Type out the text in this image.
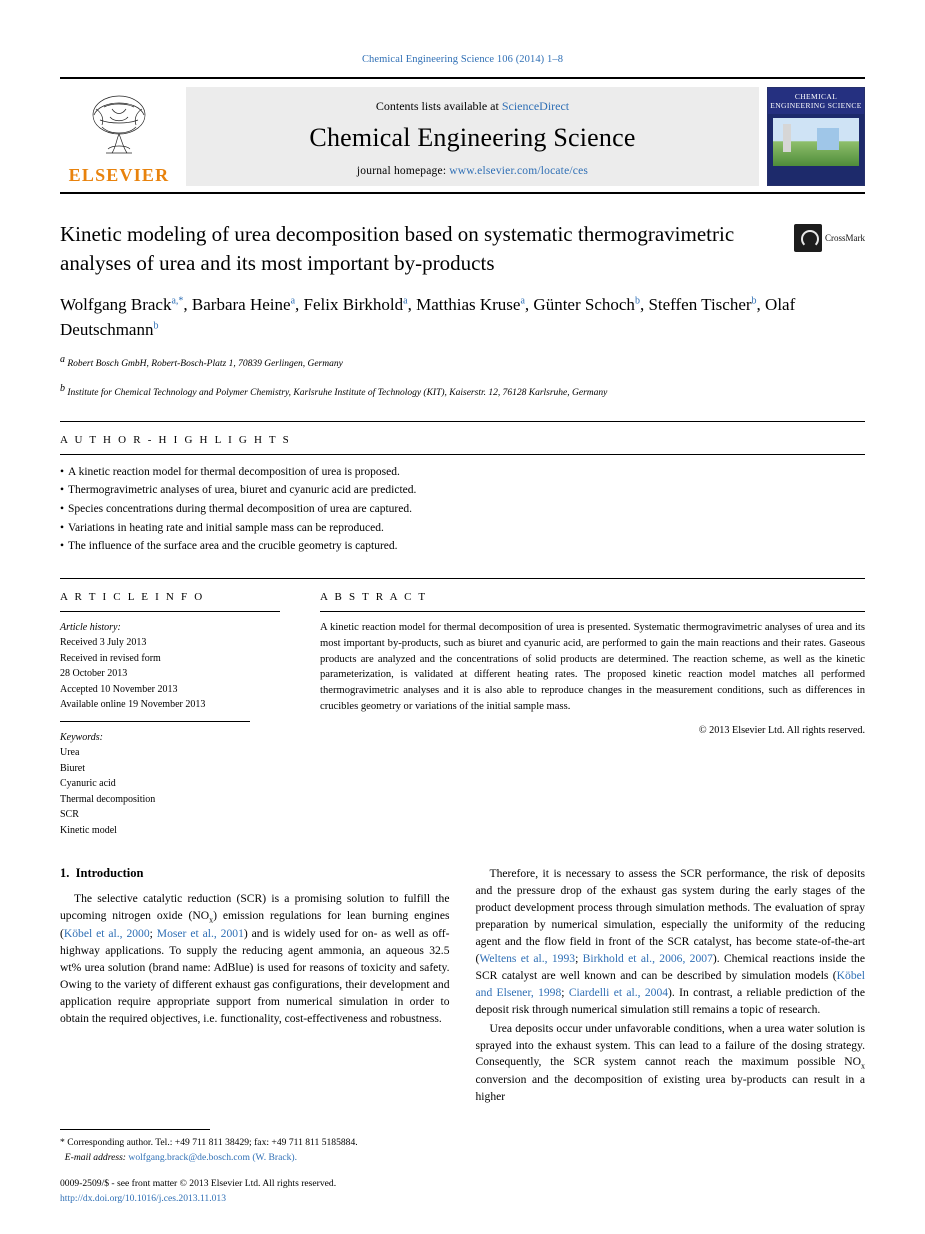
Chemical Engineering Science 106 (2014) 1–8
ELSEVIER
Contents lists available at ScienceDirect
Chemical Engineering Science
journal homepage: www.elsevier.com/locate/ces
CHEMICAL ENGINEERING SCIENCE
CrossMark
Kinetic modeling of urea decomposition based on systematic thermogravimetric analyses of urea and its most important by-products
Wolfgang Brack$^{a,*}$, Barbara Heine$^a$, Felix Birkhold$^a$, Matthias Kruse$^a$, Günter Schoch$^b$, Steffen Tischer$^b$, Olaf Deutschmann$^b$
$^a$ Robert Bosch GmbH, Robert-Bosch-Platz 1, 70839 Gerlingen, Germany
$^b$ Institute for Chemical Technology and Polymer Chemistry, Karlsruhe Institute of Technology (KIT), Kaiserstr. 12, 76128 Karlsruhe, Germany
A U T H O R - H I G H L I G H T S
• A kinetic reaction model for thermal decomposition of urea is proposed.
• Thermogravimetric analyses of urea, biuret and cyanuric acid are predicted.
• Species concentrations during thermal decomposition of urea are captured.
• Variations in heating rate and initial sample mass can be reproduced.
• The influence of the surface area and the crucible geometry is captured.
A R T I C L E I N F O
Article history:
Received 3 July 2013
Received in revised form
28 October 2013
Accepted 10 November 2013
Available online 19 November 2013
Keywords:
Urea
Biuret
Cyanuric acid
Thermal decomposition
SCR
Kinetic model
A B S T R A C T
A kinetic reaction model for thermal decomposition of urea is presented. Systematic thermogravimetric analyses of urea and its most important by-products, such as biuret and cyanuric acid, are performed to gain the main reactions and their rates. Gaseous products are analyzed and the concentrations of solid products are determined. The reaction scheme, as well as the kinetic parameterization, is validated at different heating rates. The proposed kinetic reaction model matches all performed thermogravimetric analyses and it is also able to reproduce changes in the measurement conditions, such as differences in crucibles geometry or variations of the initial sample mass.
© 2013 Elsevier Ltd. All rights reserved.
1. Introduction

The selective catalytic reduction (SCR) is a promising solution to fulfill the upcoming nitrogen oxide $(NO_x)$ emission regulations for lean burning engines (Köbel et al., 2000; Moser et al., 2001) and is widely used for on- as well as off-highway applications. To supply the reducing agent ammonia, an aqueous 32.5 wt% urea solution (brand name: AdBlue) is used for reasons of toxicity and safety. Owing to the variety of different exhaust gas configurations, their development and application require appropriate support from numerical simulation in order to obtain the required objectives, i.e. functionality, cost-effectiveness and robustness.

Therefore, it is necessary to assess the SCR performance, the risk of deposits and the pressure drop of the exhaust gas system during the early stages of the product development process through simulation methods. The evaluation of spray preparation by numerical simulation, especially the uniformity of the reducing agent and the flow field in front of the SCR catalyst, has become state-of-the-art (Weltens et al., 1993; Birkhold et al., 2006, 2007). Chemical reactions inside the SCR catalyst are well known and can be described by simulation models (Köbel and Elsener, 1998; Ciardelli et al., 2004). In contrast, a reliable prediction of the deposit risk through numerical simulation still remains a topic of research.

Urea deposits occur under unfavorable conditions, when a urea water solution is sprayed into the exhaust system. This can lead to a failure of the dosing strategy. Consequently, the SCR system cannot reach the maximum possible $NO_x$ conversion and the decomposition of existing urea by-products can result in a higher

* Corresponding author. Tel.: +49 711 811 38429; fax: +49 711 811 5185884.
E-mail address: wolfgang.brack@de.bosch.com (W. Brack).
0009-2509/$ - see front matter © 2013 Elsevier Ltd. All rights reserved.
http://dx.doi.org/10.1016/j.ces.2013.11.013
